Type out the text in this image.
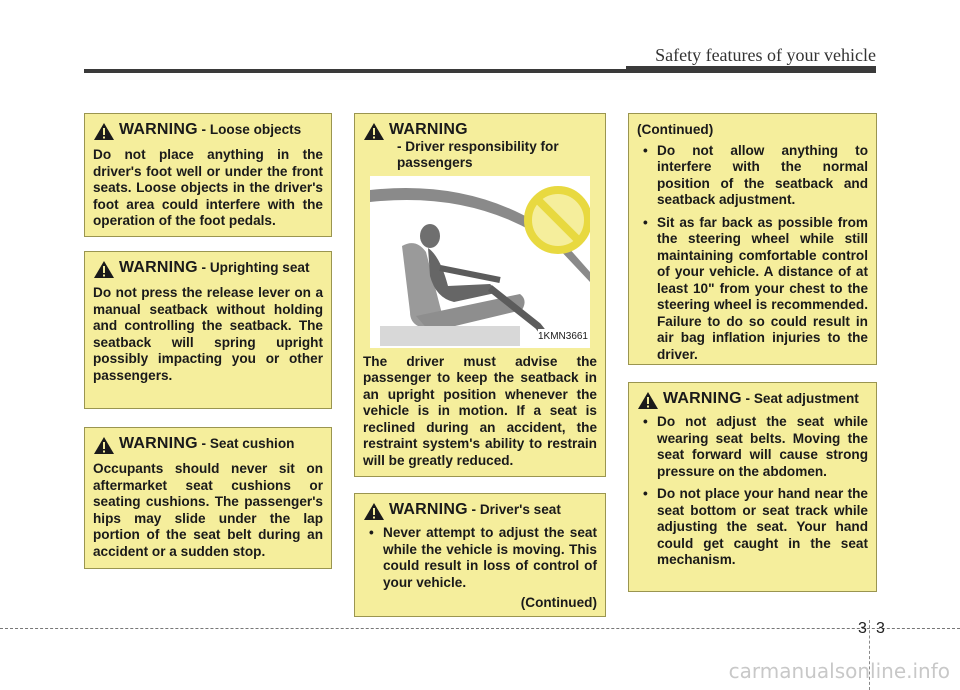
Safety features of your vehicle
WARNING - Loose objects
Do not place anything in the driver's foot well or under the front seats. Loose objects in the driver's foot area could interfere with the operation of the foot pedals.
WARNING - Uprighting seat
Do not press the release lever on a manual seatback without holding and controlling the seatback. The seatback will spring upright possibly impacting you or other passengers.
WARNING - Seat cushion
Occupants should never sit on aftermarket seat cushions or seating cushions. The passenger's hips may slide under the lap portion of the seat belt during an accident or a sudden stop.
WARNING
- Driver responsibility for passengers
1KMN3661
The driver must advise the passenger to keep the seatback in an upright position whenever the vehicle is in motion. If a seat is reclined during an accident, the restraint system's ability to restrain will be greatly reduced.
WARNING - Driver's seat
• Never attempt to adjust the seat while the vehicle is moving. This could result in loss of control of your vehicle.
(Continued)
(Continued)
• Do not allow anything to interfere with the normal position of the seatback and seatback adjustment.
• Sit as far back as possible from the steering wheel while still maintaining comfortable control of your vehicle. A distance of at least 10" from your chest to the steering wheel is recommended. Failure to do so could result in air bag inflation injuries to the driver.
WARNING - Seat adjustment
• Do not adjust the seat while wearing seat belts. Moving the seat forward will cause strong pressure on the abdomen.
• Do not place your hand near the seat bottom or seat track while adjusting the seat. Your hand could get caught in the seat mechanism.
3 3
carmanualsonline.info
